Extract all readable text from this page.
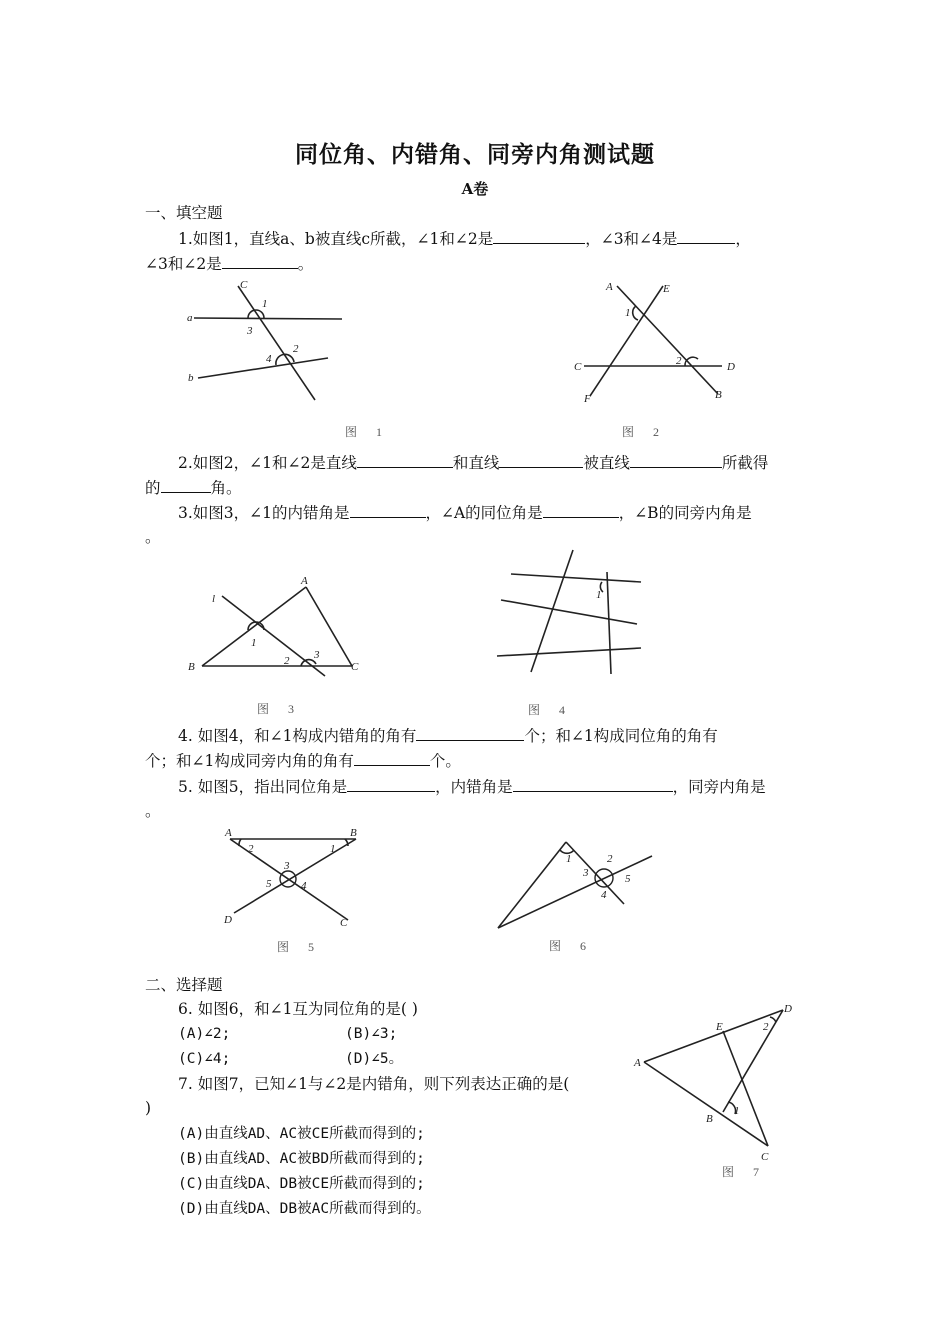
同位角、内错角、同旁内角测试题
A卷
一、填空题
1.如图1，直线a、b被直线c所截，∠1和∠2是	，∠3和∠4是	，
∠3和∠2是	。
C
1
a
3
2
4
b
图 1
A	E
1
C	2	D
F	B
图 2
2.如图2，∠1和∠2是直线	和直线	被直线	所截得
的	角。
3.如图3，∠1的内错角是	，∠A的同位角是	，∠B的同旁内角是
。
l
A
1
B	2 3
C
图 3
1
图 4
4. 如图4，和∠1构成内错角的角有	个；和∠1构成同位角的角有
个；和∠1构成同旁内角的角有	个。
5. 如图5，指出同位角是	，内错角是	，同旁内角是
。
A	B
2	1
3
5	4
D	C
图 5
1	2
3	5
4
图 6
二、选择题
6. 如图6，和∠1互为同位角的是( )
(A)∠2;	(B)∠3;
(C)∠4;	(D)∠5。
7. 如图7，已知∠1与∠2是内错角，则下列表达正确的是(
)
(A)由直线AD、AC被CE所截而得到的;
(B)由直线AD、AC被BD所截而得到的;
(C)由直线DA、DB被CE所截而得到的;
(D)由直线DA、DB被AC所截而得到的。
D
E	2
A
B
1
C
图 7
